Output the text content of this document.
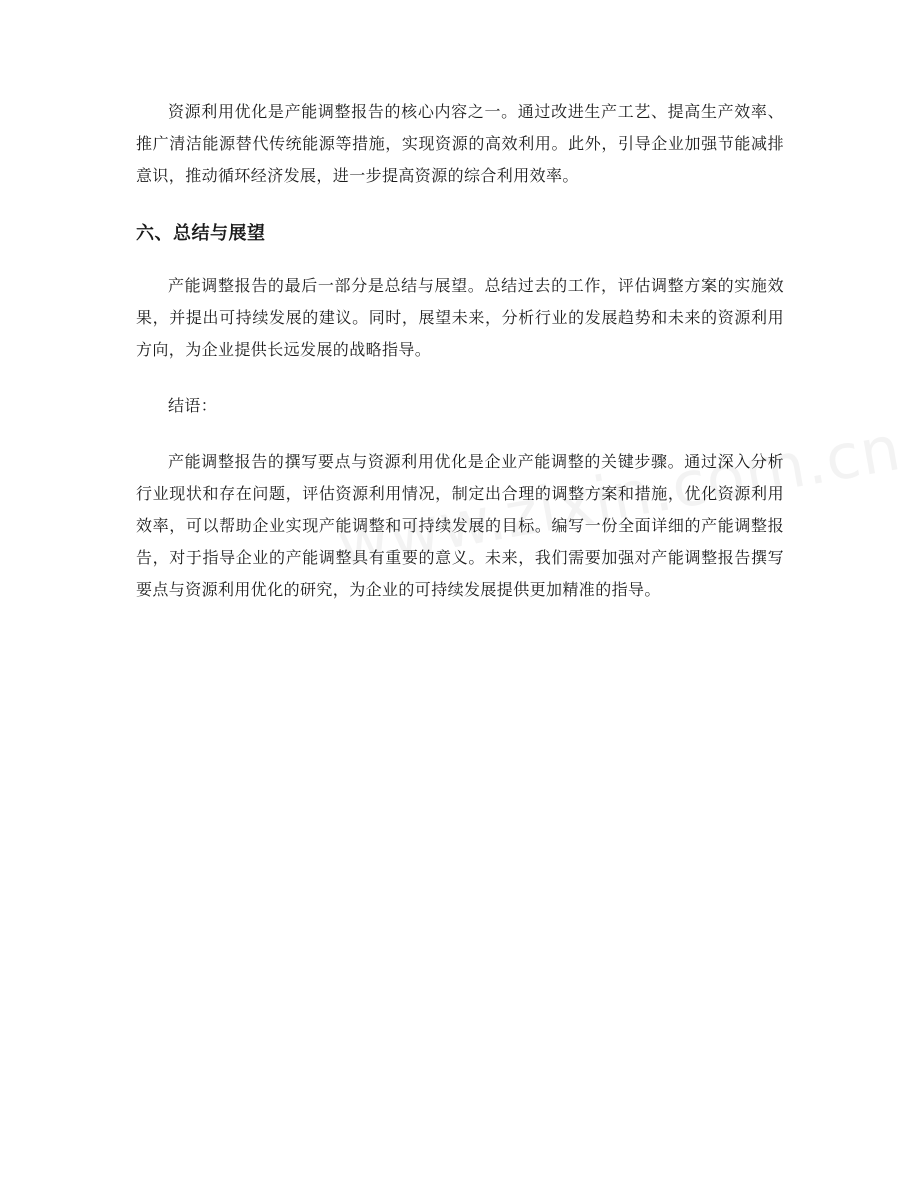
资源利用优化是产能调整报告的核心内容之一。通过改进生产工艺、提高生产效率、推广清洁能源替代传统能源等措施，实现资源的高效利用。此外，引导企业加强节能减排意识，推动循环经济发展，进一步提高资源的综合利用效率。

六、总结与展望

产能调整报告的最后一部分是总结与展望。总结过去的工作，评估调整方案的实施效果，并提出可持续发展的建议。同时，展望未来，分析行业的发展趋势和未来的资源利用方向，为企业提供长远发展的战略指导。

结语：

产能调整报告的撰写要点与资源利用优化是企业产能调整的关键步骤。通过深入分析行业现状和存在问题，评估资源利用情况，制定出合理的调整方案和措施，优化资源利用效率，可以帮助企业实现产能调整和可持续发展的目标。编写一份全面详细的产能调整报告，对于指导企业的产能调整具有重要的意义。未来，我们需要加强对产能调整报告撰写要点与资源利用优化的研究，为企业的可持续发展提供更加精准的指导。
